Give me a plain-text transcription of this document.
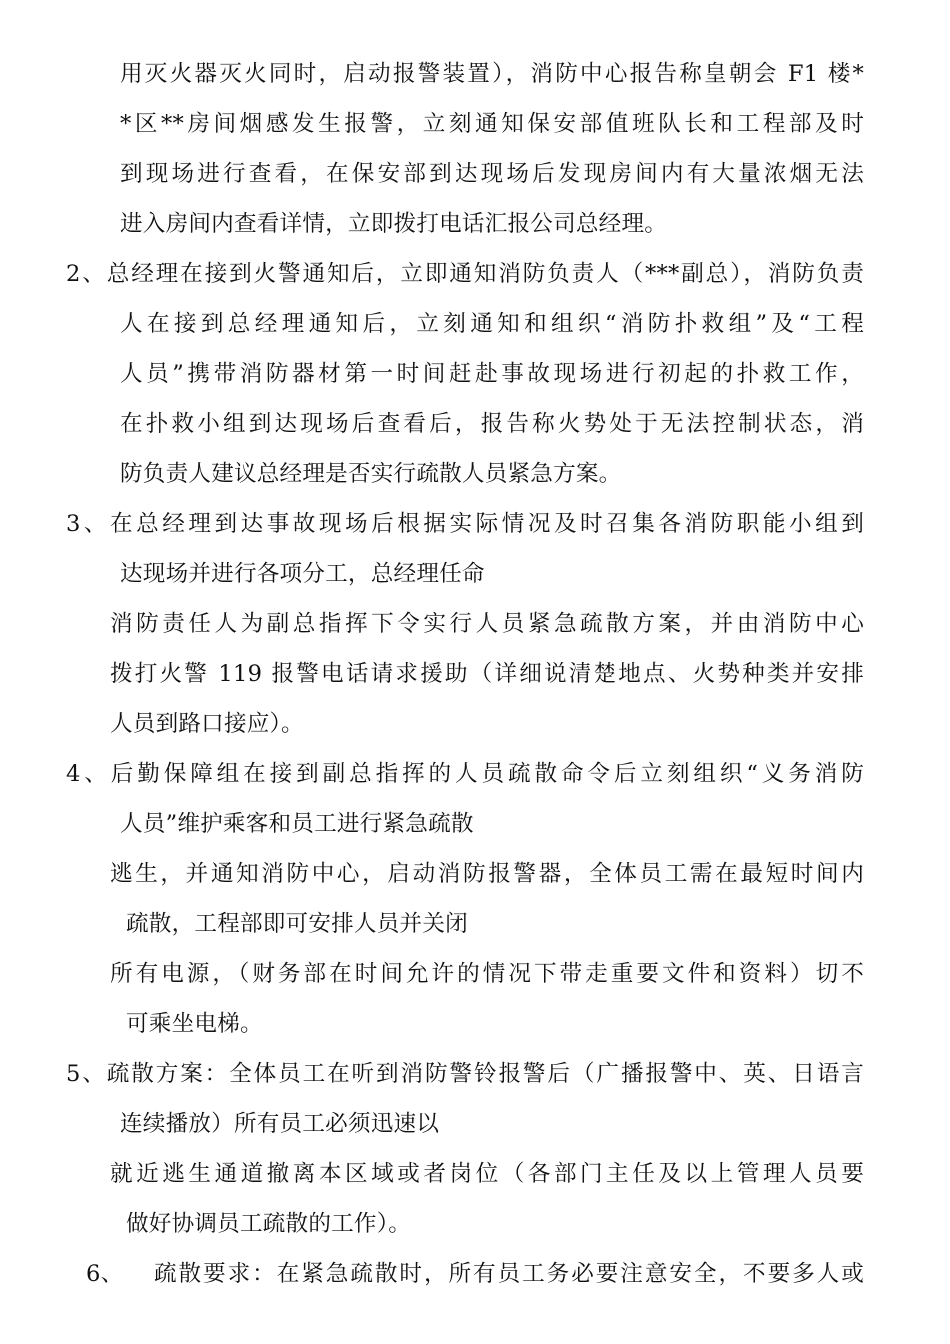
用灭火器灭火同时，启动报警装置），消防中心报告称皇朝会 F1 楼*
*区**房间烟感发生报警，立刻通知保安部值班队长和工程部及时
到现场进行查看，在保安部到达现场后发现房间内有大量浓烟无法
进入房间内查看详情，立即拨打电话汇报公司总经理。
2、总经理在接到火警通知后，立即通知消防负责人（***副总），消防负责
人在接到总经理通知后，立刻通知和组织“消防扑救组”及“工程
人员”携带消防器材第一时间赶赴事故现场进行初起的扑救工作，
在扑救小组到达现场后查看后，报告称火势处于无法控制状态，消
防负责人建议总经理是否实行疏散人员紧急方案。
3、在总经理到达事故现场后根据实际情况及时召集各消防职能小组到
达现场并进行各项分工，总经理任命
消防责任人为副总指挥下令实行人员紧急疏散方案，并由消防中心
拨打火警 119 报警电话请求援助（详细说清楚地点、火势种类并安排
人员到路口接应）。
4、后勤保障组在接到副总指挥的人员疏散命令后立刻组织“义务消防
人员”维护乘客和员工进行紧急疏散
逃生，并通知消防中心，启动消防报警器，全体员工需在最短时间内
疏散，工程部即可安排人员并关闭
所有电源，（财务部在时间允许的情况下带走重要文件和资料）切不
可乘坐电梯。
5、疏散方案：全体员工在听到消防警铃报警后（广播报警中、英、日语言
连续播放）所有员工必须迅速以
就近逃生通道撤离本区域或者岗位（各部门主任及以上管理人员要
做好协调员工疏散的工作）。
6、 疏散要求：在紧急疏散时，所有员工务必要注意安全，不要多人或
